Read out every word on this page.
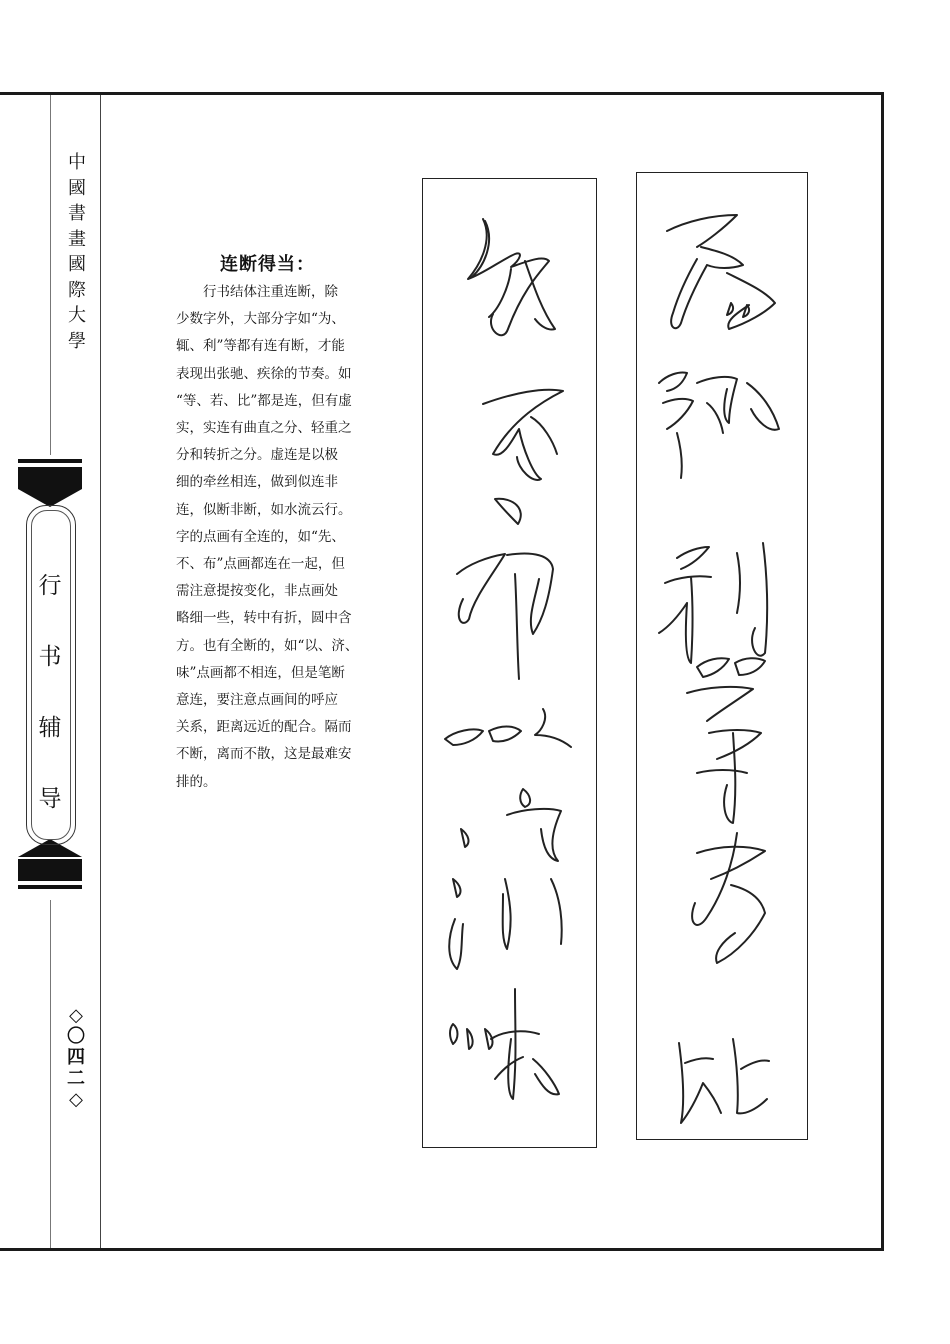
中
國
書
畫
國
際
大
學
行
书
辅
导
◇
〇
四
二
◇
连断得当：
行书结体注重连断，除
少数字外，大部分字如“为、
辄、利”等都有连有断，才能
表现出张驰、疾徐的节奏。如
“等、若、比”都是连，但有虚
实，实连有曲直之分、轻重之
分和转折之分。虚连是以极
细的牵丝相连，做到似连非
连，似断非断，如水流云行。
字的点画有全连的，如“先、
不、布”点画都连在一起，但
需注意提按变化，非点画处
略细一些，转中有折，圆中含
方。也有全断的，如“以、济、
味”点画都不相连，但是笔断
意连，要注意点画间的呼应
关系，距离远近的配合。隔而
不断，离而不散，这是最难安
排的。
